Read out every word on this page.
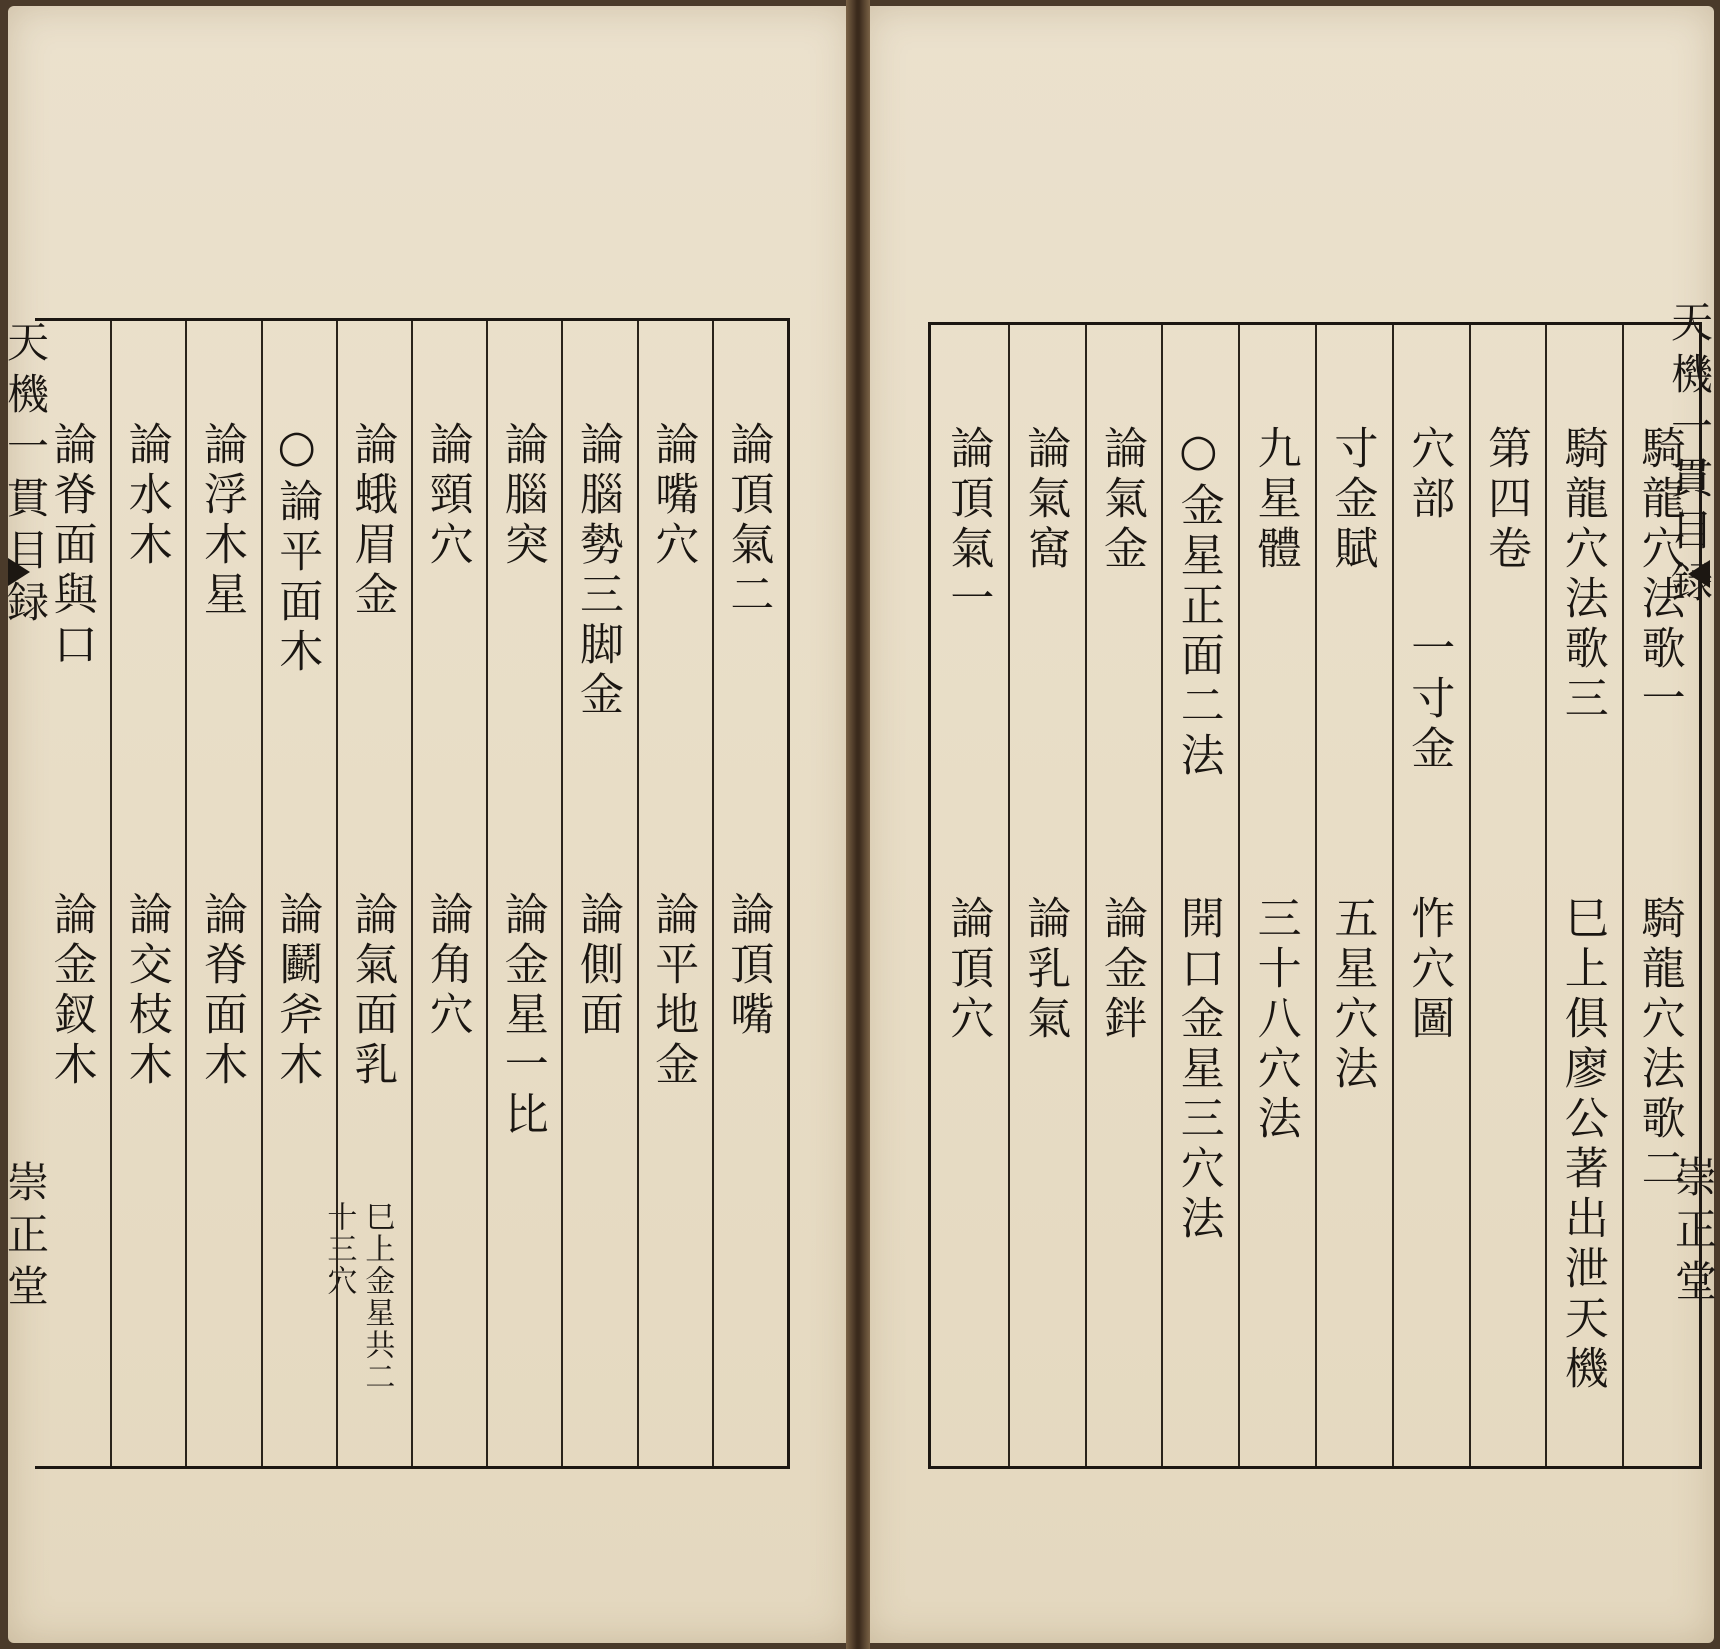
天機一貫目録
崇正堂
論頂氣二
論頂嘴
論嘴穴
論平地金
論腦勢三脚金
論側面
論腦突
論金星一比
論頸穴
論角穴
論蛾眉金
論氣面乳
巳上金星共二
十三穴
○論平面木
論鬬斧木
論浮木星
論脊面木
論水木
論交枝木
論脊面與口
論金釵木
騎龍穴法歌一
騎龍穴法歌二
騎龍穴法歌三
巳上俱廖公著出泄天機
第四卷
穴部
一寸金
怍穴圖
寸金賦
五星穴法
九星體
三十八穴法
○金星正面二法
開口金星三穴法
論氣金
論金鉡
論氣窩
論乳氣
論頂氣一
論頂穴
天機一貫目録
崇正堂
